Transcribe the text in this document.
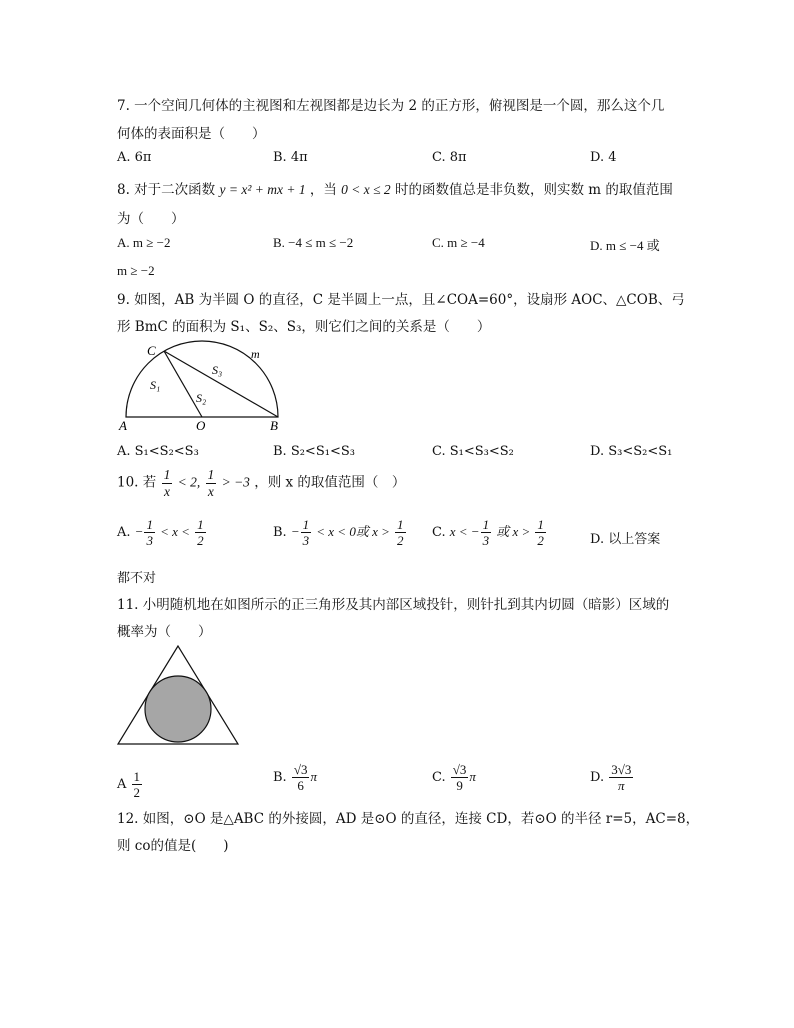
7. 一个空间几何体的主视图和左视图都是边长为 2 的正方形，俯视图是一个圆，那么这个几
何体的表面积是（　　）
A. 6π	B. 4π	C. 8π	D. 4
8. 对于二次函数 y = x² + mx + 1 ，当 0 < x ≤ 2 时的函数值总是非负数，则实数 m 的取值范围
为（　　）
A. m ≥ −2	B. −4 ≤ m ≤ −2	C. m ≥ −4	D. m ≤ −4 或
m ≥ −2
9. 如图，AB 为半圆 O 的直径，C 是半圆上一点，且∠COA=60°，设扇形 AOC、△COB、弓
形 BmC 的面积为 S₁、S₂、S₃，则它们之间的关系是（　　）
C	m
S₃
S₁
S₂
A	O	B
A. S₁<S₂<S₃	B. S₂<S₁<S₃	C. S₁<S₃<S₂	D. S₃<S₂<S₁
10. 若 $\frac{1}{x} < 2$, $\frac{1}{x} > -3$ ，则 x 的取值范围（　）
A. − $\frac{1}{3} < x < \frac{1}{2}$	B. − $\frac{1}{3} < x < 0$或 $x > \frac{1}{2} C$. x < − $\frac{1}{3}$ 或 $x > \frac{1}{2}$	D. 以上答案
都不对
11. 小明随机地在如图所示的正三角形及其内部区域投针，则针扎到其内切圆（暗影）区域的
概率为（　　）
A $\frac{1}{2}$	B. $\frac{√3}{6}$ π	C. $\frac{√3}{9}$ π	D. $\frac{3√3}{\pi}$
12. 如图，⊙O 是△ABC 的外接圆，AD 是⊙O 的直径，连接 CD，若⊙O 的半径 r=5，AC=8，
则 co的值是(　　)
